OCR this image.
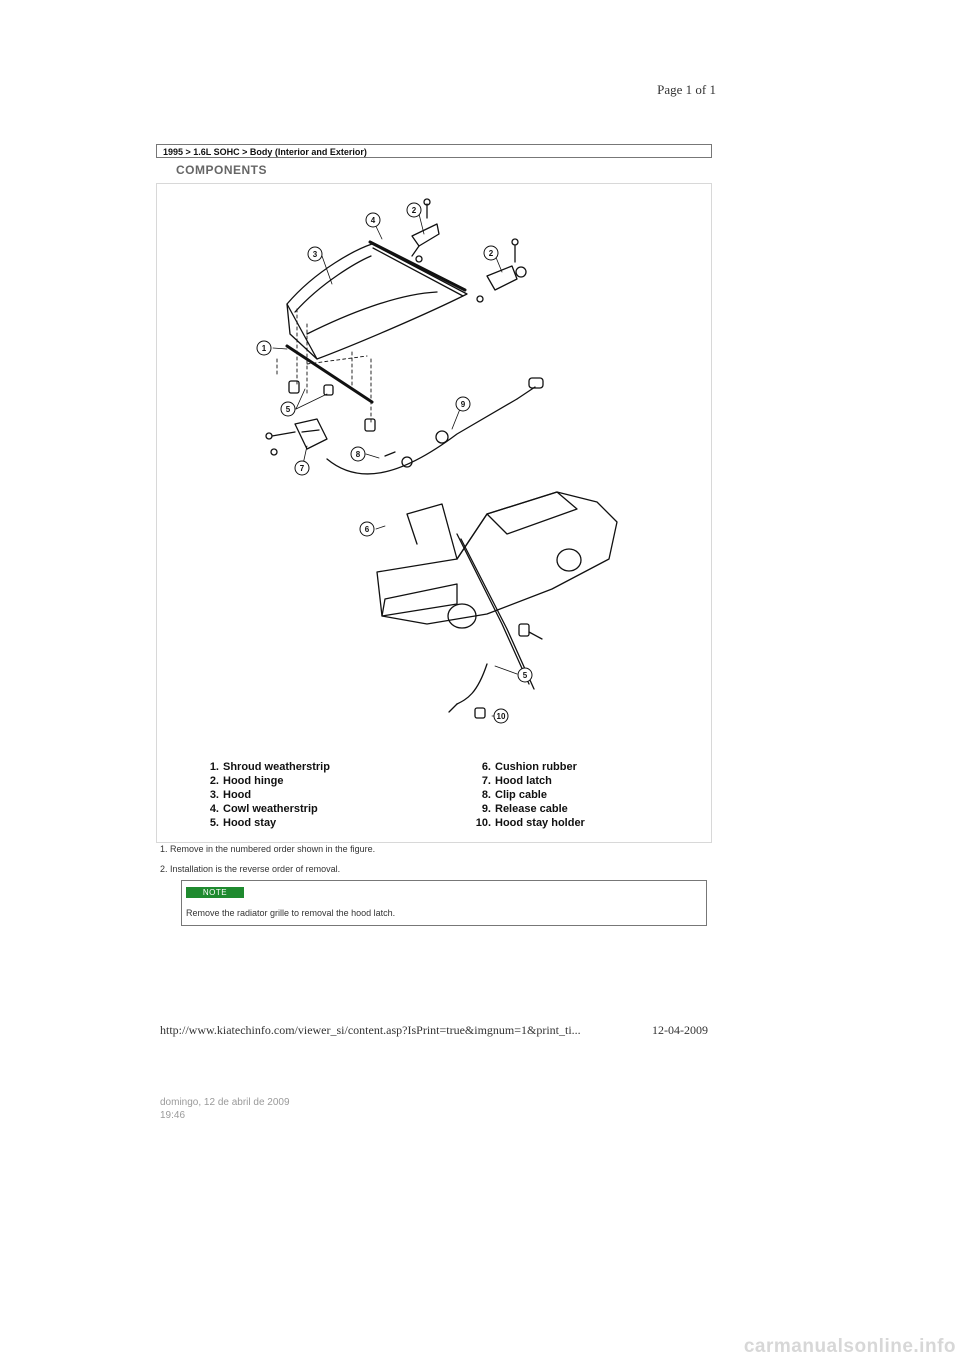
Page 1 of 1
1995 > 1.6L SOHC > Body (Interior and Exterior)
COMPONENTS
4
2
2
3
1
5
7
8
9
6
5
10
1. Shroud weatherstrip
2. Hood hinge
3. Hood
4. Cowl weatherstrip
5. Hood stay
6. Cushion rubber
7. Hood latch
8. Clip cable
9. Release cable
10. Hood stay holder
1. Remove in the numbered order shown in the figure.
2. Installation is the reverse order of removal.
NOTE
Remove the radiator grille to removal the hood latch.
http://www.kiatechinfo.com/viewer_si/content.asp?IsPrint=true&imgnum=1&print_ti...	12-04-2009
domingo, 12 de abril de 2009
19:46
carmanualsonline.info
